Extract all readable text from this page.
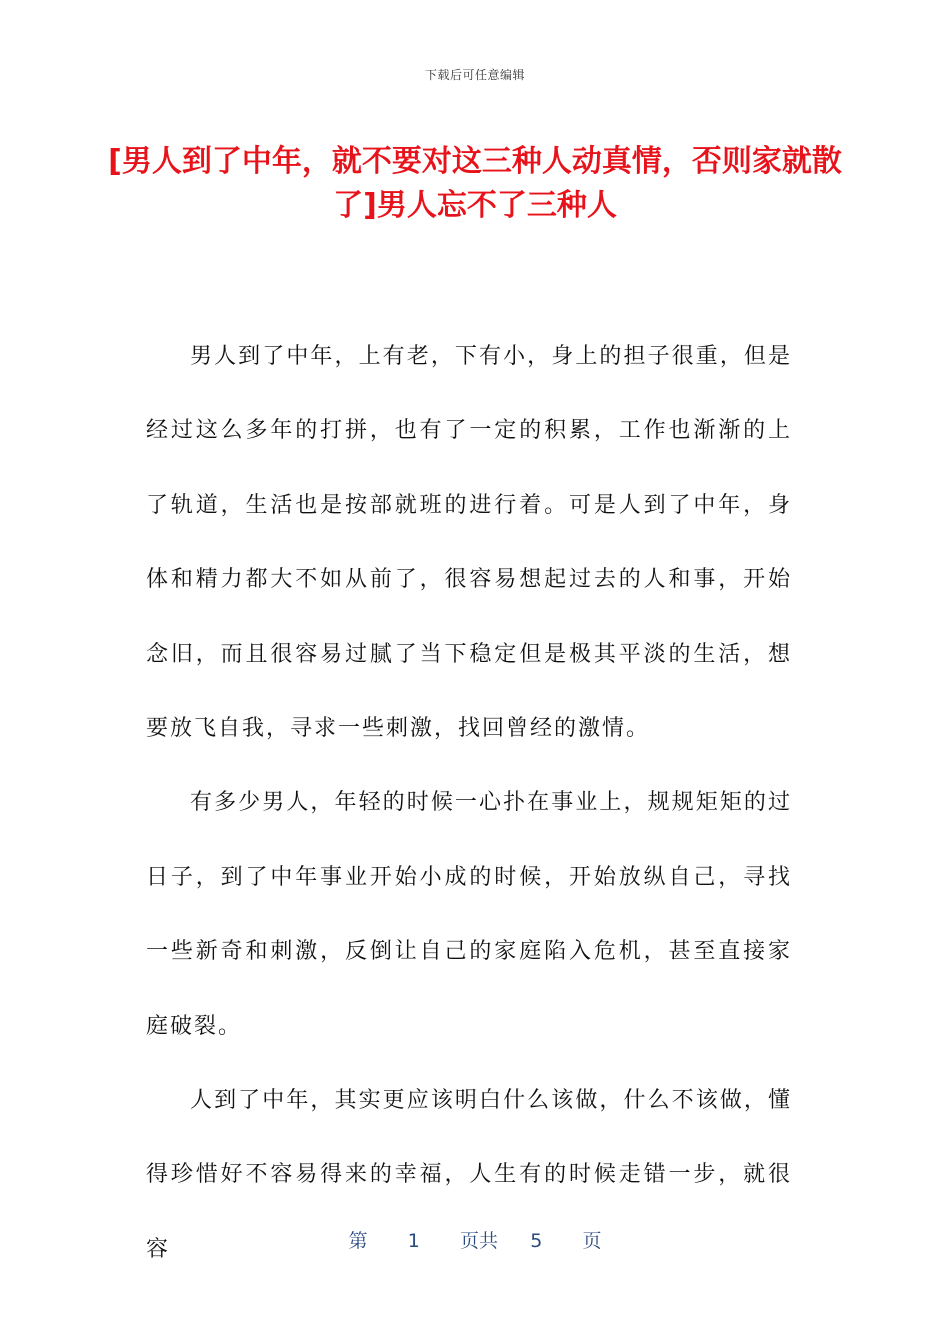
下载后可任意编辑
[男人到了中年，就不要对这三种人动真情，否则家就散了]男人忘不了三种人

男人到了中年，上有老，下有小，身上的担子很重，但是经过这么多年的打拼，也有了一定的积累，工作也渐渐的上了轨道，生活也是按部就班的进行着。可是人到了中年，身体和精力都大不如从前了，很容易想起过去的人和事，开始念旧，而且很容易过腻了当下稳定但是极其平淡的生活，想要放飞自我，寻求一些刺激，找回曾经的激情。

有多少男人，年轻的时候一心扑在事业上，规规矩矩的过日子，到了中年事业开始小成的时候，开始放纵自己，寻找一些新奇和刺激，反倒让自己的家庭陷入危机，甚至直接家庭破裂。

人到了中年，其实更应该明白什么该做，什么不该做，懂得珍惜好不容易得来的幸福，人生有的时候走错一步，就很容	第 1 页共 5 页
